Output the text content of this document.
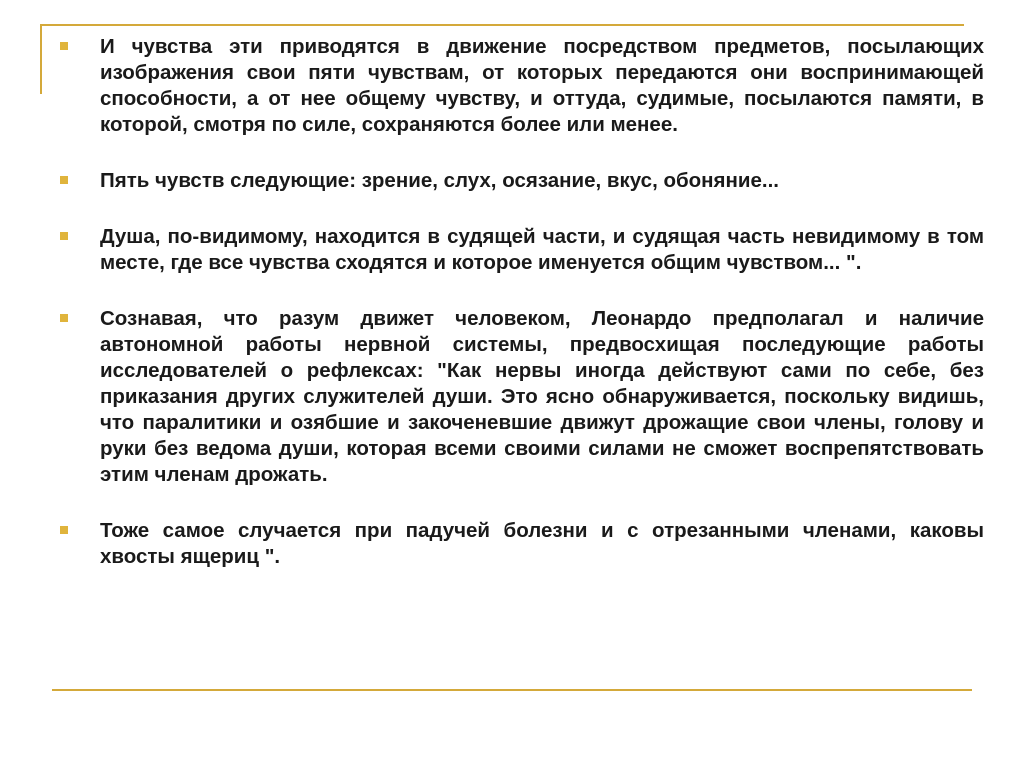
И чувства эти приводятся в движение посредством предметов, посылающих изображения свои пяти чувствам, от которых передаются они воспринимающей способности, а от нее общему чувству, и оттуда, судимые, посылаются памяти, в которой, смотря по силе, сохраняются более или менее.

Пять чувств следующие: зрение, слух, осязание, вкус, обоняние...

Душа, по-видимому, находится в судящей части, и судящая часть невидимому в том месте, где все чувства сходятся и которое именуется общим чувством... ".

Сознавая, что разум движет человеком, Леонардо предполагал и наличие автономной работы нервной системы, предвосхищая последующие работы исследователей о рефлексах: "Как нервы иногда действуют сами по себе, без приказания других служителей души. Это ясно обнаруживается, поскольку видишь, что паралитики и озябшие и закоченевшие движут дрожащие свои члены, голову и руки без ведома души, которая всеми своими силами не сможет воспрепятствовать этим членам дрожать.

Тоже самое случается при падучей болезни и с отрезанными членами, каковы хвосты ящериц ".
